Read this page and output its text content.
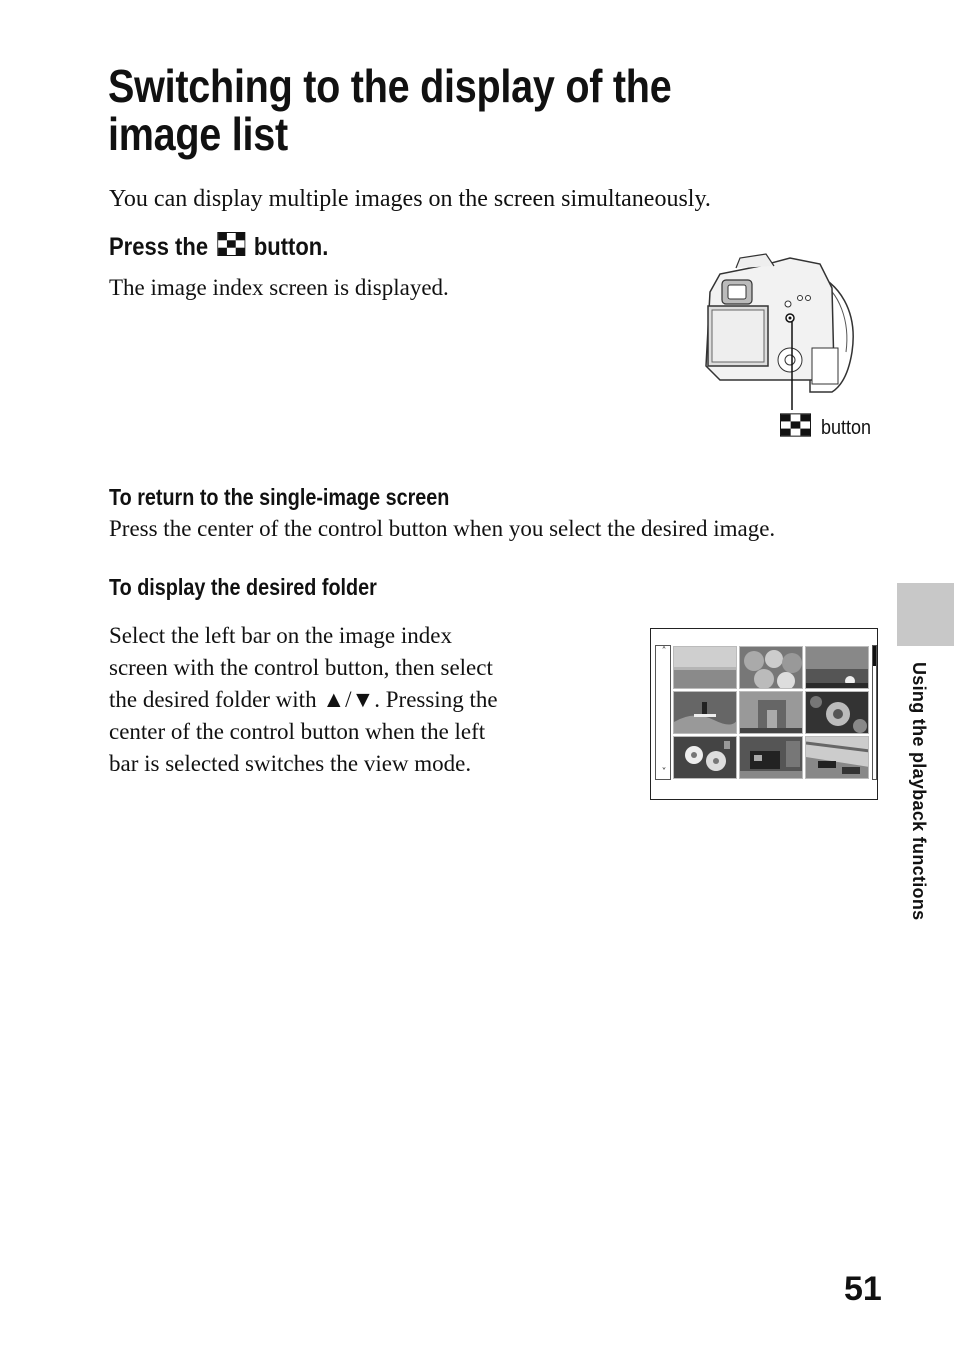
Switching to the display of the image list
You can display multiple images on the screen simultaneously.
Press the button.
The image index screen is displayed.
button
To return to the single-image screen
Press the center of the control button when you select the desired image.
To display the desired folder
Select the left bar on the image index
screen with the control button, then select
the desired folder with ▲/▼. Pressing the
center of the control button when the left
bar is selected switches the view mode.
˄
˅	Using the playback functions
51
